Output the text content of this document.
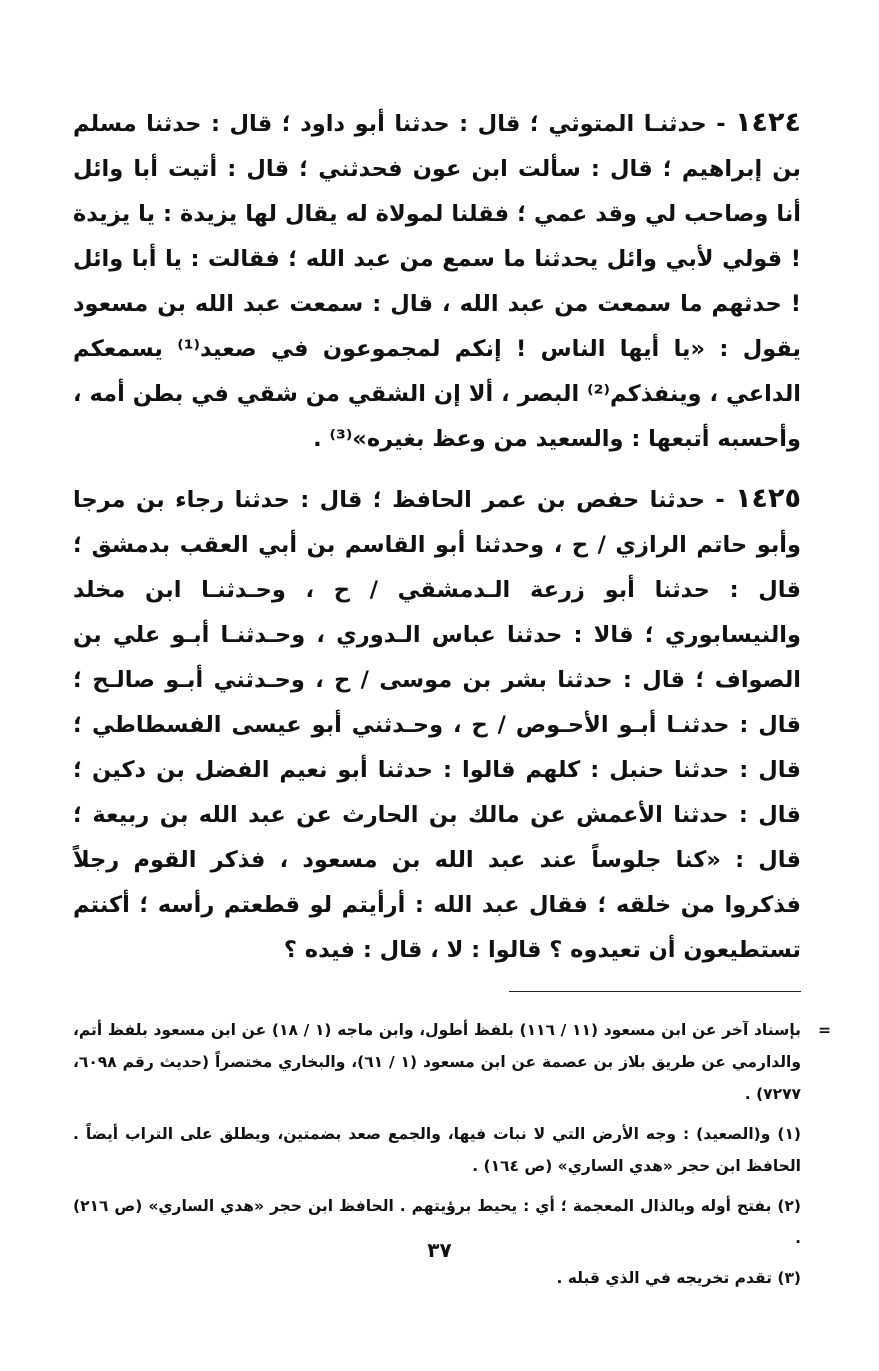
١٤٢٤ - حدثنـا المتوثي ؛ قال : حدثنا أبو داود ؛ قال : حدثنا مسلم بن إبراهيم ؛ قال : سألت ابن عون فحدثني ؛ قال : أتيت أبا وائل أنا وصاحب لي وقد عمي ؛ فقلنا لمولاة له يقال لها يزيدة : يا يزيدة ! قولي لأبي وائل يحدثنا ما سمع من عبد الله ؛ فقالت : يا أبا وائل ! حدثهم ما سمعت من عبد الله ، قال : سمعت عبد الله بن مسعود يقول : «يا أيها الناس ! إنكم لمجموعون في صعيد⁽¹⁾ يسمعكم الداعي ، وينفذكم⁽²⁾ البصر ، ألا إن الشقي من شقي في بطن أمه ، وأحسبه أتبعها : والسعيد من وعظ بغيره»⁽³⁾ .

١٤٢٥ - حدثنا حفص بن عمر الحافظ ؛ قال : حدثنا رجاء بن مرجا وأبو حاتم الرازي / ح ، وحدثنا أبو القاسم بن أبي العقب بدمشق ؛ قال : حدثنا أبو زرعة الـدمشقي / ح ، وحـدثنـا ابن مخلد والنيسابوري ؛ قالا : حدثنا عباس الـدوري ، وحـدثنـا أبـو علي بن الصواف ؛ قال : حدثنا بشر بن موسى / ح ، وحـدثني أبـو صالـح ؛ قال : حدثنـا أبـو الأحـوص / ح ، وحـدثني أبو عيسى الفسطاطي ؛ قال : حدثنا حنبل : كلهم قالوا : حدثنا أبو نعيم الفضل بن دكين ؛ قال : حدثنا الأعمش عن مالك بن الحارث عن عبد الله بن ربيعة ؛ قال : «كنا جلوساً عند عبد الله بن مسعود ، فذكر القوم رجلاً فذكروا من خلقه ؛ فقال عبد الله : أرأيتم لو قطعتم رأسه ؛ أكنتم تستطيعون أن تعيدوه ؟ قالوا : لا ، قال : فيده ؟

=
بإسناد آخر عن ابن مسعود (١١ / ١١٦) بلفظ أطول، وابن ماجه (١ / ١٨) عن ابن مسعود بلفظ أتم، والدارمي عن طريق بلاز بن عصمة عن ابن مسعود (١ / ٦١)، والبخاري مختصراً (حديث رقم ٦٠٩٨، ٧٢٧٧) .

(١) و(الصعيد) : وجه الأرض التي لا نبات فيها، والجمع صعد بضمتين، ويطلق على التراب أيضاً . الحافظ ابن حجر «هدي الساري» (ص ١٦٤) .

(٢) بفتح أوله وبالذال المعجمة ؛ أي : يحيط برؤيتهم . الحافظ ابن حجر «هدي الساري» (ص ٢١٦) .

(٣) تقدم تخريجه في الذي قبله .

٣٧
